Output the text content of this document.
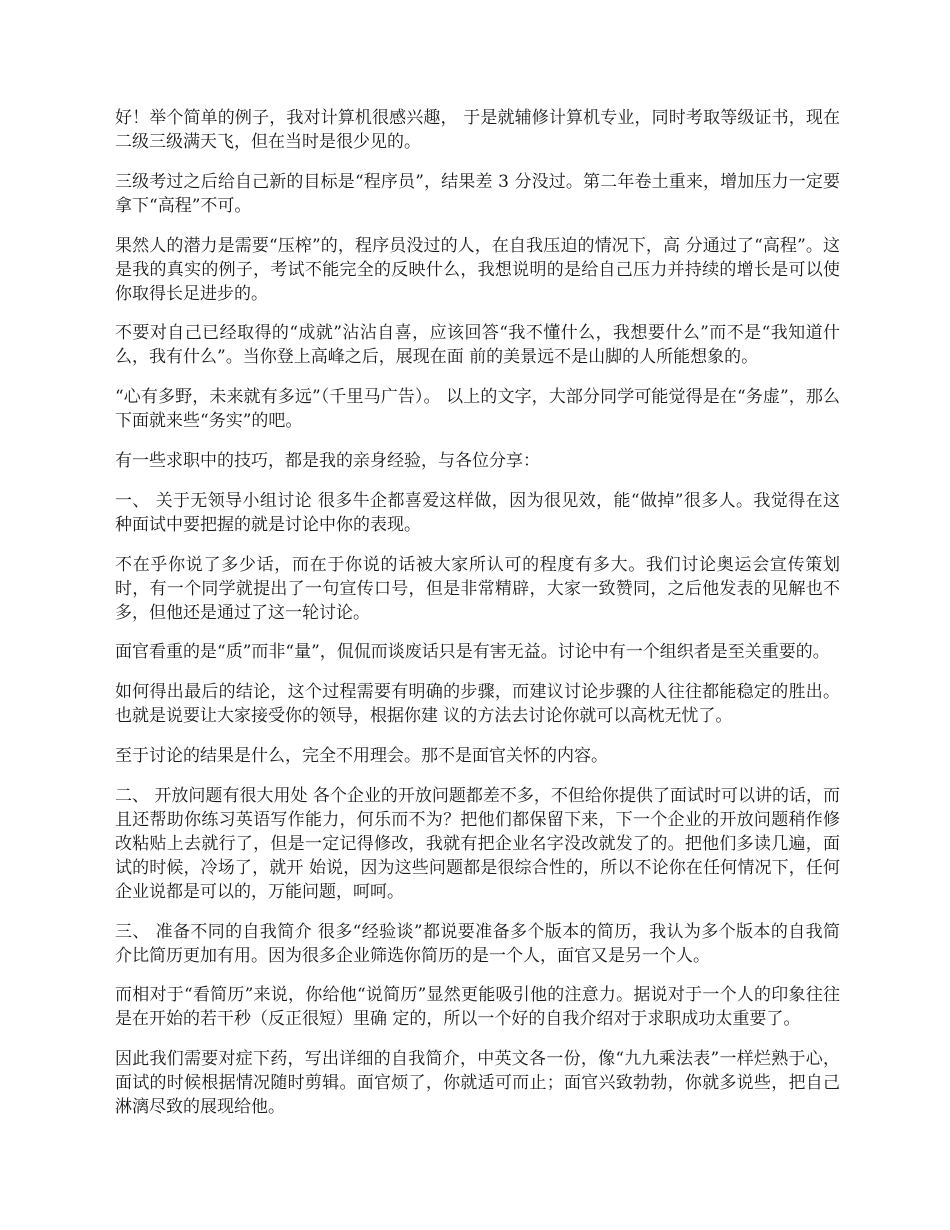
好！举个简单的例子，我对计算机很感兴趣， 于是就辅修计算机专业，同时考取等级证书，现在二级三级满天飞，但在当时是很少见的。

三级考过之后给自己新的目标是“程序员”，结果差 3 分没过。第二年卷土重来，增加压力一定要拿下“高程”不可。

果然人的潜力是需要“压榨”的，程序员没过的人，在自我压迫的情况下，高 分通过了“高程”。这是我的真实的例子，考试不能完全的反映什么，我想说明的是给自己压力并持续的增长是可以使你取得长足进步的。

不要对自己已经取得的“成就”沾沾自喜，应该回答“我不懂什么，我想要什么”而不是“我知道什么，我有什么”。当你登上高峰之后，展现在面 前的美景远不是山脚的人所能想象的。

“心有多野，未来就有多远”（千里马广告）。 以上的文字，大部分同学可能觉得是在“务虚”，那么下面就来些“务实”的吧。

有一些求职中的技巧，都是我的亲身经验，与各位分享：

一、 关于无领导小组讨论 很多牛企都喜爱这样做，因为很见效，能“做掉”很多人。我觉得在这种面试中要把握的就是讨论中你的表现。

不在乎你说了多少话，而在于你说的话被大家所认可的程度有多大。我们讨论奥运会宣传策划时，有一个同学就提出了一句宣传口号，但是非常精辟，大家一致赞同，之后他发表的见解也不多，但他还是通过了这一轮讨论。

面官看重的是“质”而非“量”，侃侃而谈废话只是有害无益。讨论中有一个组织者是至关重要的。

如何得出最后的结论，这个过程需要有明确的步骤，而建议讨论步骤的人往往都能稳定的胜出。也就是说要让大家接受你的领导，根据你建 议的方法去讨论你就可以高枕无忧了。

至于讨论的结果是什么，完全不用理会。那不是面官关怀的内容。

二、 开放问题有很大用处 各个企业的开放问题都差不多，不但给你提供了面试时可以讲的话，而且还帮助你练习英语写作能力，何乐而不为？把他们都保留下来，下一个企业的开放问题稍作修改粘贴上去就行了，但是一定记得修改，我就有把企业名字没改就发了的。把他们多读几遍，面试的时候，冷场了，就开 始说，因为这些问题都是很综合性的，所以不论你在任何情况下，任何企业说都是可以的，万能问题，呵呵。

三、 准备不同的自我简介 很多“经验谈”都说要准备多个版本的简历，我认为多个版本的自我简介比简历更加有用。因为很多企业筛选你简历的是一个人，面官又是另一个人。

而相对于“看简历”来说，你给他“说简历”显然更能吸引他的注意力。据说对于一个人的印象往往是在开始的若干秒（反正很短）里确 定的，所以一个好的自我介绍对于求职成功太重要了。

因此我们需要对症下药，写出详细的自我简介，中英文各一份，像“九九乘法表”一样烂熟于心，面试的时候根据情况随时剪辑。面官烦了，你就适可而止；面官兴致勃勃，你就多说些，把自己淋漓尽致的展现给他。
